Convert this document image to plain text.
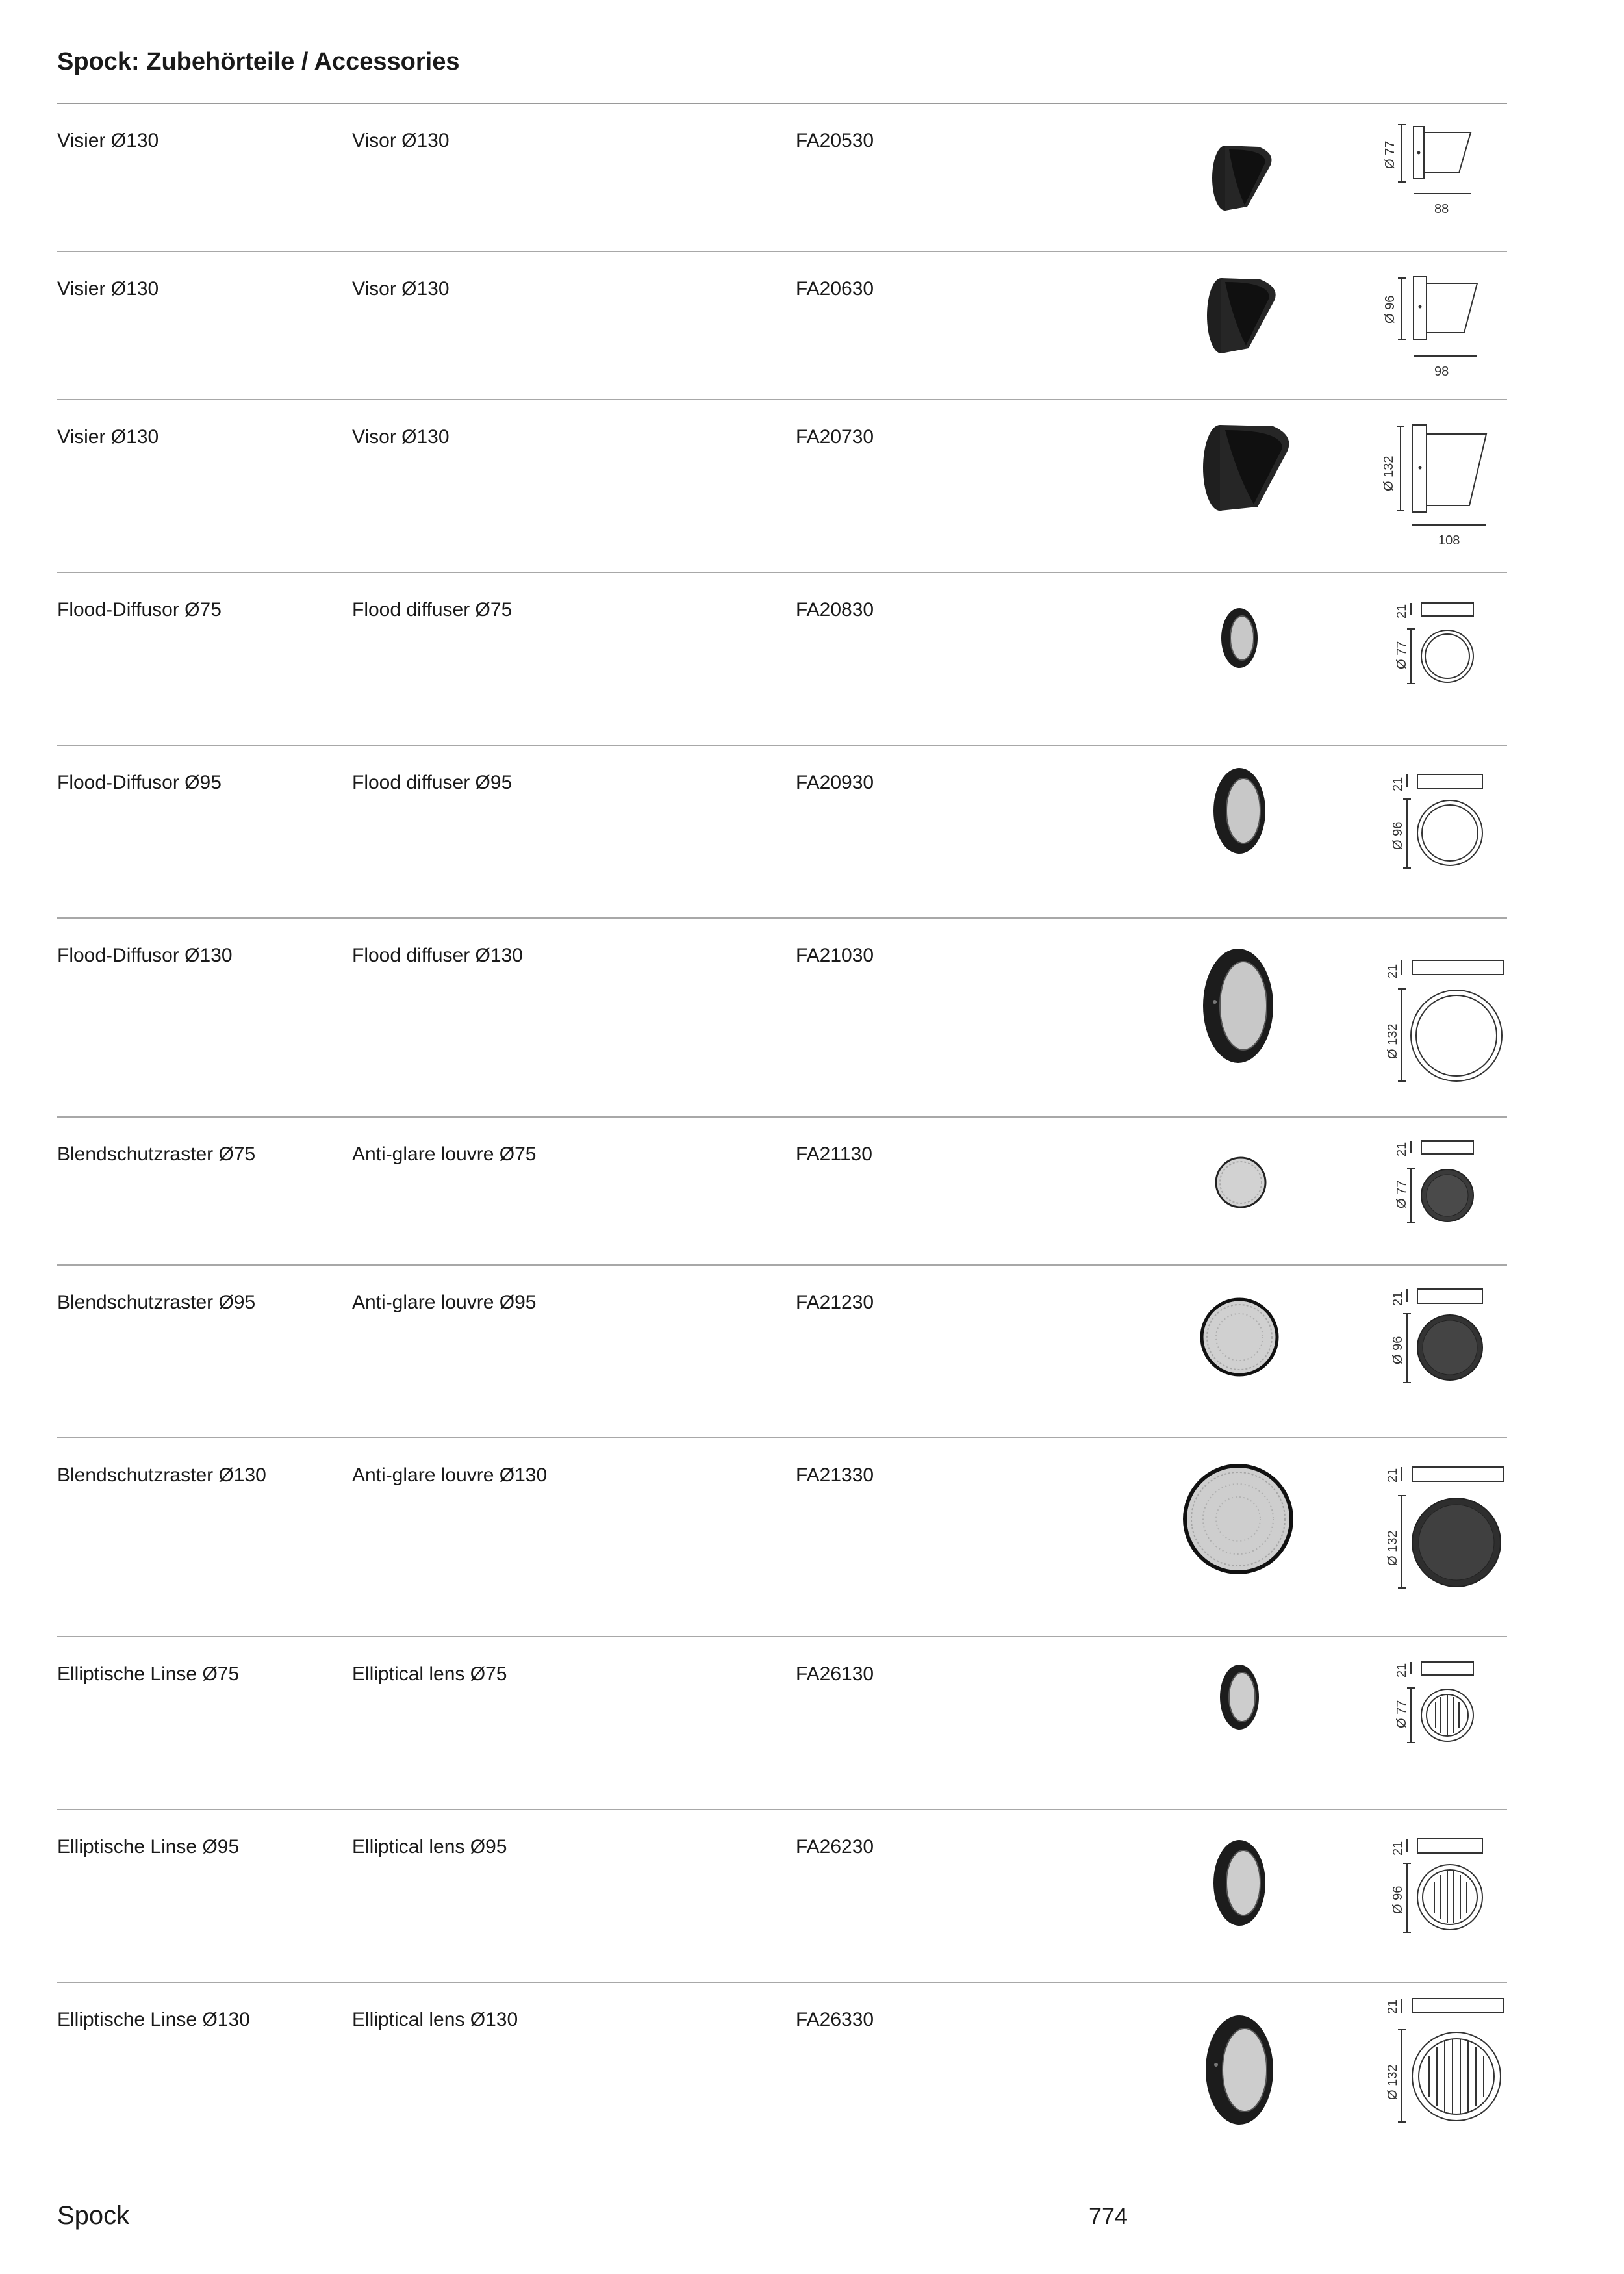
Spock: Zubehörteile / Accessories
Visier Ø130	Visor Ø130	FA20530
Ø 77
88
Visier Ø130	Visor Ø130	FA20630
Ø 96
98
Visier Ø130	Visor Ø130	FA20730
Ø 132
108
Flood-Diffusor Ø75	Flood diffuser Ø75	FA20830	21
Ø 77
Flood-Diffusor Ø95	Flood diffuser Ø95	FA20930	21
Ø 96
Flood-Diffusor Ø130	Flood diffuser Ø130	FA21030
21
Ø 132
Blendschutzraster Ø75	Anti-glare louvre Ø75	FA21130	21
Ø 77
Blendschutzraster Ø95	Anti-glare louvre Ø95	FA21230	21
Ø 96
Blendschutzraster Ø130	Anti-glare louvre Ø130	FA21330	21
Ø 132
Elliptische Linse Ø75	Elliptical lens Ø75	FA26130	21
Ø 77
Elliptische Linse Ø95	Elliptical lens Ø95	FA26230	21
Ø 96
Elliptische Linse Ø130	Elliptical lens Ø130	FA26330
21
Ø 132
Spock	774
